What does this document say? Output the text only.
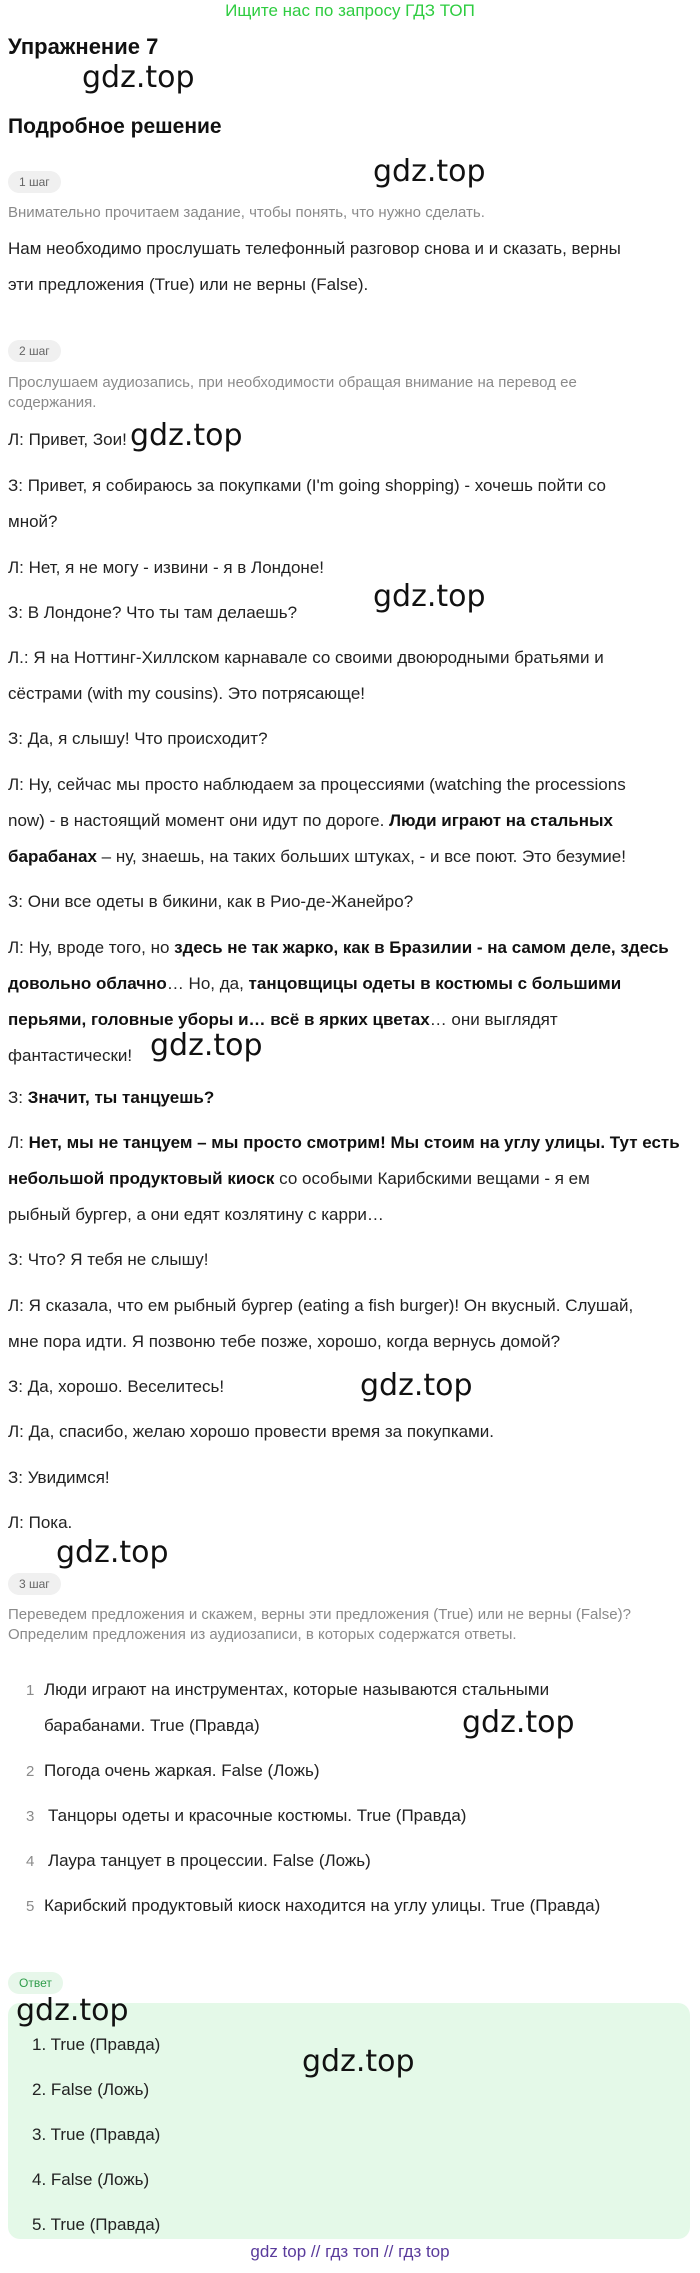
Ищите нас по запросу ГДЗ ТОП
Упражнение 7
gdz.top
Подробное решение
1 шаг	gdz.top
Внимательно прочитаем задание, чтобы понять, что нужно сделать.
Нам необходимо прослушать телефонный разговор снова и и сказать, верны
эти предложения (True) или не верны (False).
2 шаг
Прослушаем аудиозапись, при необходимости обращая внимание на перевод ее
содержания.
Л: Привет, Зои! gdz.top
З: Привет, я собираюсь за покупками (I'm going shopping) - хочешь пойти со
мной?
Л: Нет, я не могу - извини - я в Лондоне!
З: В Лондоне? Что ты там делаешь?	gdz.top
Л.: Я на Ноттинг-Хиллском карнавале со своими двоюродными братьями и
сёстрами (with my cousins). Это потрясающе!
З: Да, я слышу! Что происходит?
Л: Ну, сейчас мы просто наблюдаем за процессиями (watching the processions
now) - в настоящий момент они идут по дороге. Люди играют на стальных
барабанах – ну, знаешь, на таких больших штуках, - и все поют. Это безумие!
З: Они все одеты в бикини, как в Рио-де-Жанейро?
Л: Ну, вроде того, но здесь не так жарко, как в Бразилии - на самом деле, здесь
довольно облачно… Но, да, танцовщицы одеты в костюмы с большими
перьями, головные уборы и… всё в ярких цветах… они выглядят
фантастически! gdz.top
З: Значит, ты танцуешь?
Л: Нет, мы не танцуем – мы просто смотрим! Мы стоим на углу улицы. Тут есть
небольшой продуктовый киоск со особыми Карибскими вещами - я ем
рыбный бургер, а они едят козлятину с карри…
З: Что? Я тебя не слышу!
Л: Я сказала, что ем рыбный бургер (eating a fish burger)! Он вкусный. Слушай,
мне пора идти. Я позвоню тебе позже, хорошо, когда вернусь домой?
З: Да, хорошо. Веселитесь!	gdz.top
Л: Да, спасибо, желаю хорошо провести время за покупками.
З: Увидимся!
Л: Пока.
gdz.top
3 шаг
Переведем предложения и скажем, верны эти предложения (True) или не верны (False)?
Определим предложения из аудиозаписи, в которых содержатся ответы.
1 Люди играют на инструментах, которые называются стальными
барабанами. True (Правда)	gdz.top
2 Погода очень жаркая. False (Ложь)
3 Танцоры одеты и красочные костюмы. True (Правда)
4 Лаура танцует в процессии. False (Ложь)
5 Карибский продуктовый киоск находится на углу улицы. True (Правда)
Ответ
gdz.top
gdz.top
1. True (Правда)
2. False (Ложь)
3. True (Правда)
4. False (Ложь)
5. True (Правда)
gdz top // гдз топ // гдз top
